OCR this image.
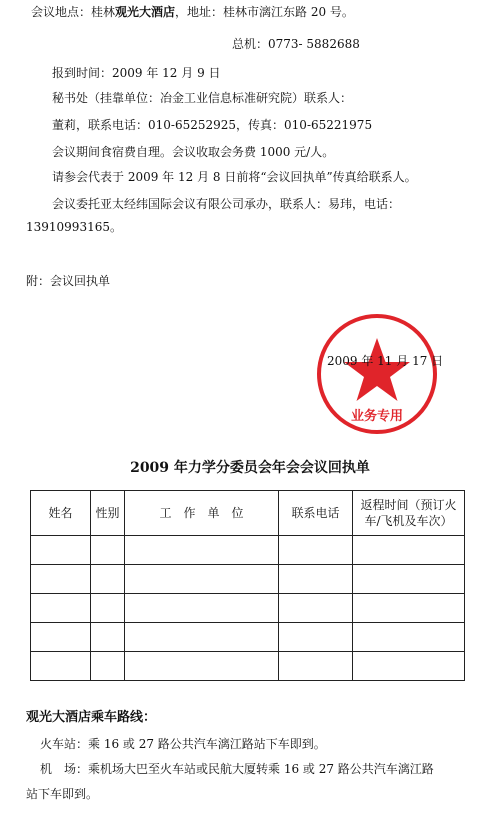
会议地点：桂林观光大酒店，地址：桂林市漓江东路 20 号。
总机：0773- 5882688
报到时间：2009 年 12 月 9 日
秘书处（挂靠单位：冶金工业信息标准研究院）联系人：
董莉，联系电话：010-65252925，传真：010-65221975
会议期间食宿费自理。会议收取会务费 1000 元/人。
请参会代表于 2009 年 12 月 8 日前将“会议回执单”传真给联系人。
会议委托亚太经纬国际会议有限公司承办，联系人：易玮，电话：
13910993165。
附：会议回执单
业务专用
2009 年 11 月 17 日
2009 年力学分委员会年会会议回执单
姓名	性别	工　作　单　位	联系电话	返程时间（预订火车/飞机及车次）

观光大酒店乘车路线：
火车站：乘 16 或 27 路公共汽车漓江路站下车即到。
机　场：乘机场大巴至火车站或民航大厦转乘 16 或 27 路公共汽车漓江路
站下车即到。
